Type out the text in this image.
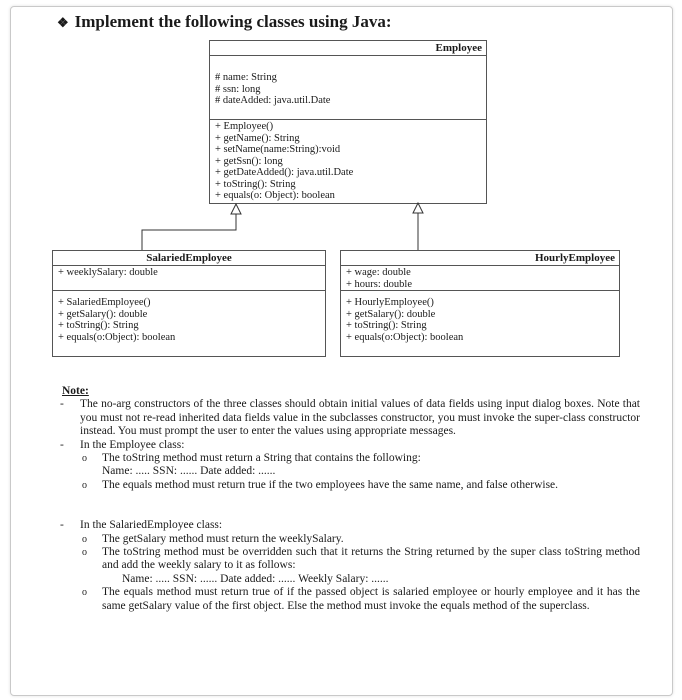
❖ Implement the following classes using Java:
Employee
# name: String
# ssn: long
# dateAdded: java.util.Date
+ Employee()
+ getName(): String
+ setName(name:String):void
+ getSsn(): long
+ getDateAdded(): java.util.Date
+ toString(): String
+ equals(o: Object): boolean
SalariedEmployee
+ weeklySalary: double
+ SalariedEmployee()
+ getSalary(): double
+ toString(): String
+ equals(o:Object): boolean
HourlyEmployee
+ wage: double
+ hours: double
+ HourlyEmployee()
+ getSalary(): double
+ toString(): String
+ equals(o:Object): boolean
Note:
- The no-arg constructors of the three classes should obtain initial values of data fields using input dialog boxes. Note that you must not re-read inherited data fields value in the subclasses constructor, you must invoke the super-class constructor instead. You must prompt the user to enter the values using appropriate messages.
- In the Employee class:
o The toString method must return a String that contains the following:
Name: ..... SSN: ...... Date added: ......
o The equals method must return true if the two employees have the same name, and false otherwise.
- In the SalariedEmployee class:
o The getSalary method must return the weeklySalary.
o The toString method must be overridden such that it returns the String returned by the super class toString method and add the weekly salary to it as follows:
Name: ..... SSN: ...... Date added: ...... Weekly Salary: ......
o The equals method must return true of if the passed object is salaried employee or hourly employee and it has the same getSalary value of the first object. Else the method must invoke the equals method of the superclass.
